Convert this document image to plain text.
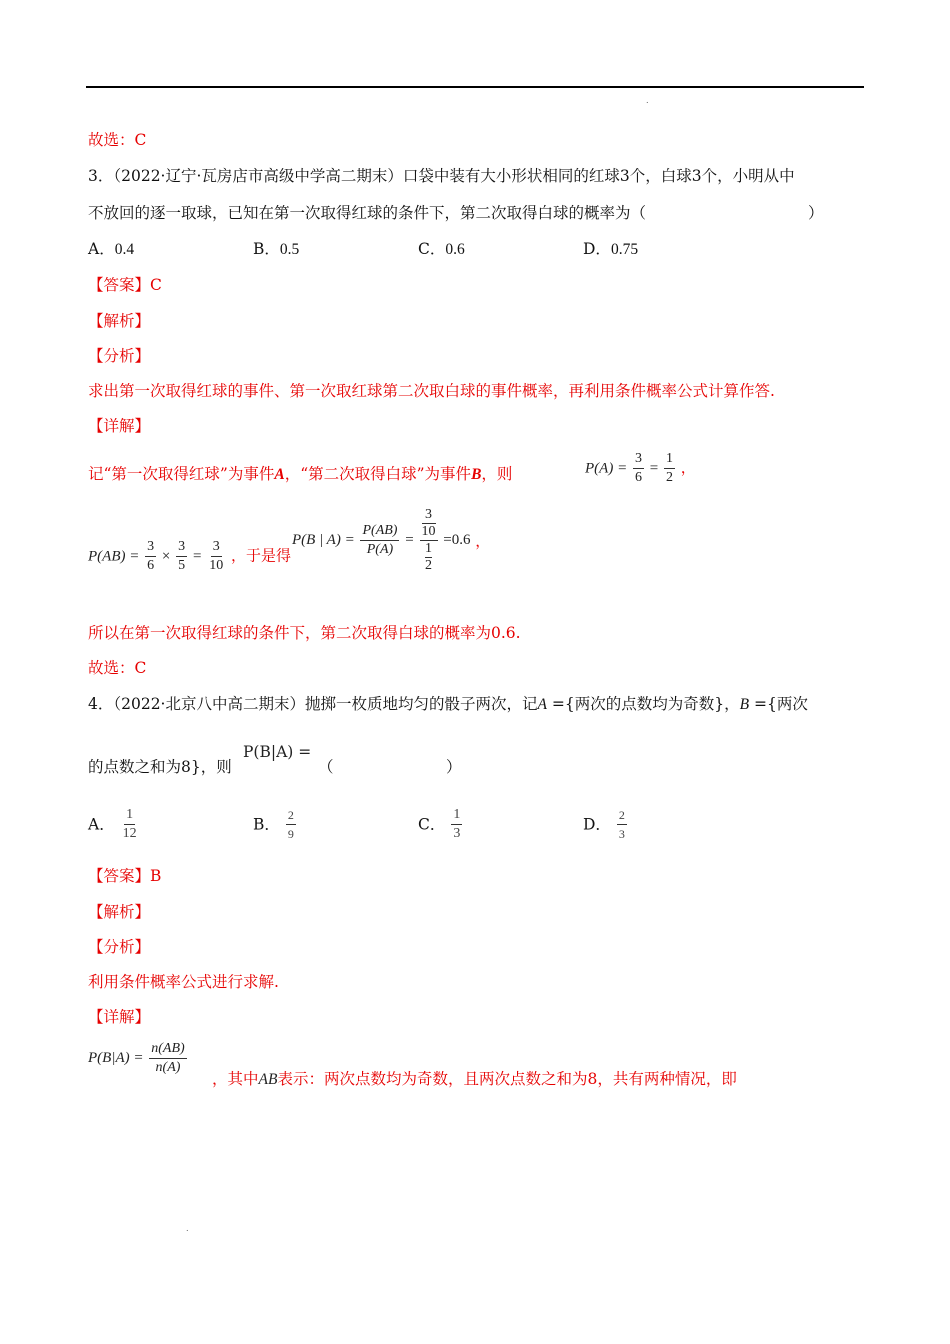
.
故选：C
3．（2022·辽宁·瓦房店市高级中学高二期末）口袋中装有大小形状相同的红球3个，白球3个，小明从中
不放回的逐一取球，已知在第一次取得红球的条件下，第二次取得白球的概率为（	）
A．0.4	B．0.5	C．0.6	D．0.75
【答案】C
【解析】
【分析】
求出第一次取得红球的事件、第一次取红球第二次取白球的事件概率，再利用条件概率公式计算作答.
【详解】
记“第一次取得红球”为事件A，“第二次取得白球”为事件B，则	$P(A) = \frac{3}{6} = \frac{1}{2}$ ，
$P(AB) = \frac{3}{6} \times \frac{3}{5} = \frac{3}{10}$ ，于是得
P(B | $A) = \frac{P(AB)}{P(A)} = 3$
10
1
2 =0.6 ，
所以在第一次取得红球的条件下，第二次取得白球的概率为0.6.
故选：C
4．（2022·北京八中高二期末）抛掷一枚质地均匀的骰子两次，记A ={两次的点数均为奇数}，B ={两次
的点数之和为8}，则
P(B|A) =
（	）
A． $\frac{1}{12}$	B． $\frac{2}{9}$	C． $\frac{1}{3}$	D． $\frac{2}{3}$
【答案】B
【解析】
【分析】
利用条件概率公式进行求解.
【详解】
$P(B|A) = \frac{n(AB)}{n(A)}$
，其中AB表示：两次点数均为奇数，且两次点数之和为8，共有两种情况，即
.
